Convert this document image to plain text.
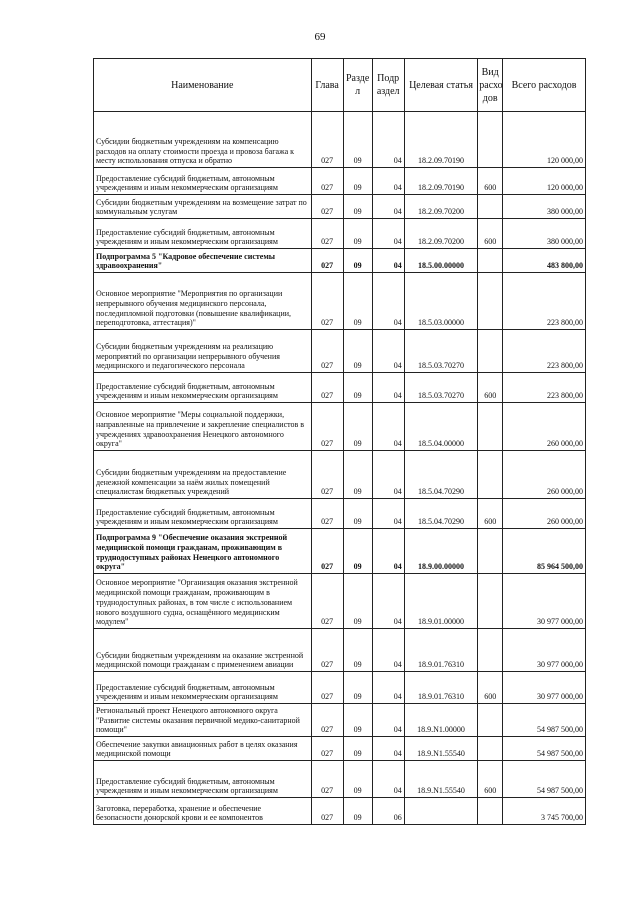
69
Наименование	Глава	Разде л	Подр аздел	Целевая статья	Вид расхо дов	Всего расходов
Субсидии бюджетным учреждениям на компенсацию расходов на оплату стоимости проезда и провоза багажа к месту использования отпуска и обратно	027	09	04	18.2.09.70190		120 000,00
Предоставление субсидий бюджетным, автономным учреждениям и иным некоммерческим организациям	027	09	04	18.2.09.70190	600	120 000,00
Субсидии бюджетным учреждениям на возмещение затрат по коммунальным услугам	027	09	04	18.2.09.70200		380 000,00
Предоставление субсидий бюджетным, автономным учреждениям и иным некоммерческим организациям	027	09	04	18.2.09.70200	600	380 000,00
Подпрограмма 5 "Кадровое обеспечение системы здравоохранения"	027	09	04	18.5.00.00000		483 800,00
Основное мероприятие "Мероприятия по организации непрерывного обучения медицинского персонала, последипломной подготовки (повышение квалификации, переподготовка, аттестация)"	027	09	04	18.5.03.00000		223 800,00
Субсидии бюджетным учреждениям на реализацию мероприятий по организации непрерывного обучения медицинского и педагогического персонала	027	09	04	18.5.03.70270		223 800,00
Предоставление субсидий бюджетным, автономным учреждениям и иным некоммерческим организациям	027	09	04	18.5.03.70270	600	223 800,00
Основное мероприятие "Меры социальной поддержки, направленные на привлечение и закрепление специалистов в учреждениях здравоохранения Ненецкого автономного округа"	027	09	04	18.5.04.00000		260 000,00
Субсидии бюджетным учреждениям на предоставление денежной компенсации за наём жилых помещений специалистам бюджетных учреждений	027	09	04	18.5.04.70290		260 000,00
Предоставление субсидий бюджетным, автономным учреждениям и иным некоммерческим организациям	027	09	04	18.5.04.70290	600	260 000,00
Подпрограмма 9 "Обеспечение оказания экстренной медицинской помощи гражданам, проживающим в труднодоступных районах Ненецкого автономного округа"	027	09	04	18.9.00.00000		85 964 500,00
Основное мероприятие "Организация оказания экстренной медицинской помощи гражданам, проживающим в труднодоступных районах, в том числе с использованием нового воздушного судна, оснащённого медицинским модулем"	027	09	04	18.9.01.00000		30 977 000,00
Субсидии бюджетным учреждениям на оказание экстренной медицинской помощи гражданам с применением авиации	027	09	04	18.9.01.76310		30 977 000,00
Предоставление субсидий бюджетным, автономным учреждениям и иным некоммерческим организациям	027	09	04	18.9.01.76310	600	30 977 000,00
Региональный проект Ненецкого автономного округа "Развитие системы оказания первичной медико-санитарной помощи"	027	09	04	18.9.N1.00000		54 987 500,00
Обеспечение закупки авиационных работ в целях оказания медицинской помощи	027	09	04	18.9.N1.55540		54 987 500,00
Предоставление субсидий бюджетным, автономным учреждениям и иным некоммерческим организациям	027	09	04	18.9.N1.55540	600	54 987 500,00
Заготовка, переработка, хранение и обеспечение безопасности донорской крови и ее компонентов	027	09	06			3 745 700,00
